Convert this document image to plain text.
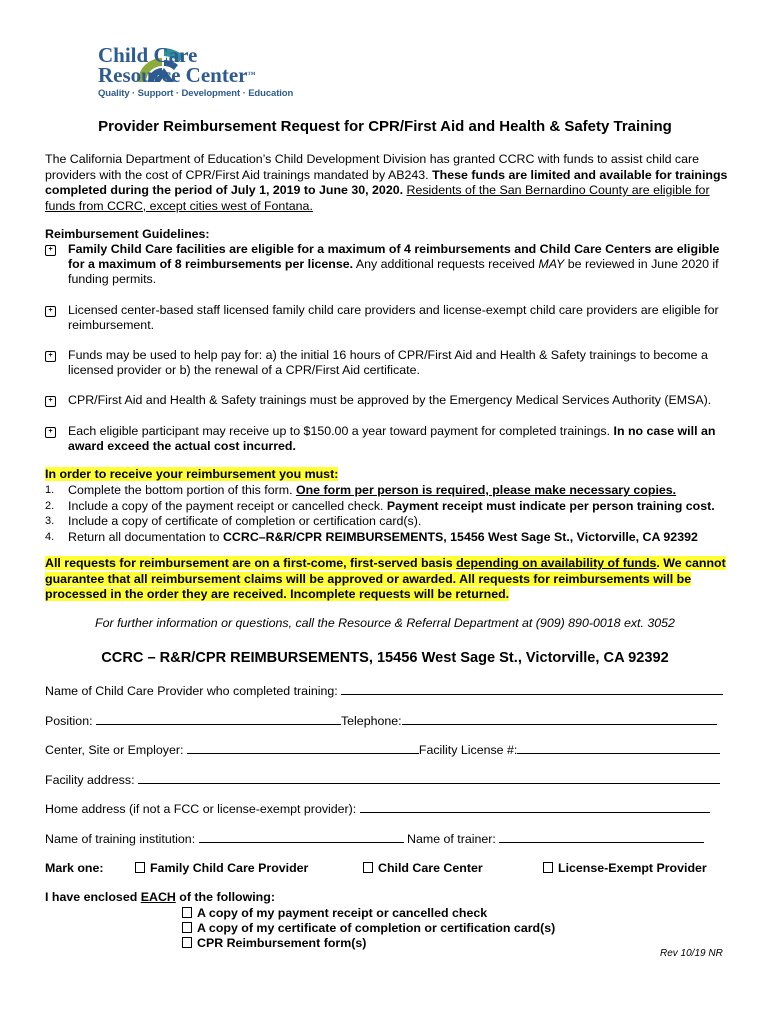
Child Care
Resource Center™
Quality · Support · Development · Education
Provider Reimbursement Request for CPR/First Aid and Health & Safety Training
The California Department of Education’s Child Development Division has granted CCRC with funds to assist child care providers with the cost of CPR/First Aid trainings mandated by AB243. These funds are limited and available for trainings completed during the period of July 1, 2019 to June 30, 2020. Residents of the San Bernardino County are eligible for funds from CCRC, except cities west of Fontana.
Reimbursement Guidelines:
+ Family Child Care facilities are eligible for a maximum of 4 reimbursements and Child Care Centers are eligible for a maximum of 8 reimbursements per license. Any additional requests received MAY be reviewed in June 2020 if funding permits.
+ Licensed center-based staff licensed family child care providers and license-exempt child care providers are eligible for reimbursement.
+ Funds may be used to help pay for: a) the initial 16 hours of CPR/First Aid and Health & Safety trainings to become a licensed provider or b) the renewal of a CPR/First Aid certificate.
+ CPR/First Aid and Health & Safety trainings must be approved by the Emergency Medical Services Authority (EMSA).
+ Each eligible participant may receive up to $150.00 a year toward payment for completed trainings. In no case will an award exceed the actual cost incurred.
In order to receive your reimbursement you must:
1. Complete the bottom portion of this form. One form per person is required, please make necessary copies.
2. Include a copy of the payment receipt or cancelled check. Payment receipt must indicate per person training cost.
3. Include a copy of certificate of completion or certification card(s).
4. Return all documentation to CCRC–R&R/CPR REIMBURSEMENTS, 15456 West Sage St., Victorville, CA 92392
All requests for reimbursement are on a first-come, first-served basis depending on availability of funds. We cannot guarantee that all reimbursement claims will be approved or awarded. All requests for reimbursements will be processed in the order they are received. Incomplete requests will be returned.
For further information or questions, call the Resource & Referral Department at (909) 890-0018 ext. 3052
CCRC – R&R/CPR REIMBURSEMENTS, 15456 West Sage St., Victorville, CA 92392
Name of Child Care Provider who completed training:
Position:	Telephone:
Center, Site or Employer:	Facility License #:
Facility address:
Home address (if not a FCC or license-exempt provider):
Name of training institution:	Name of trainer:
Mark one:	Family Child Care Provider	Child Care Center	License-Exempt Provider
I have enclosed EACH of the following:
A copy of my payment receipt or cancelled check
A copy of my certificate of completion or certification card(s)
CPR Reimbursement form(s)
Rev 10/19 NR
